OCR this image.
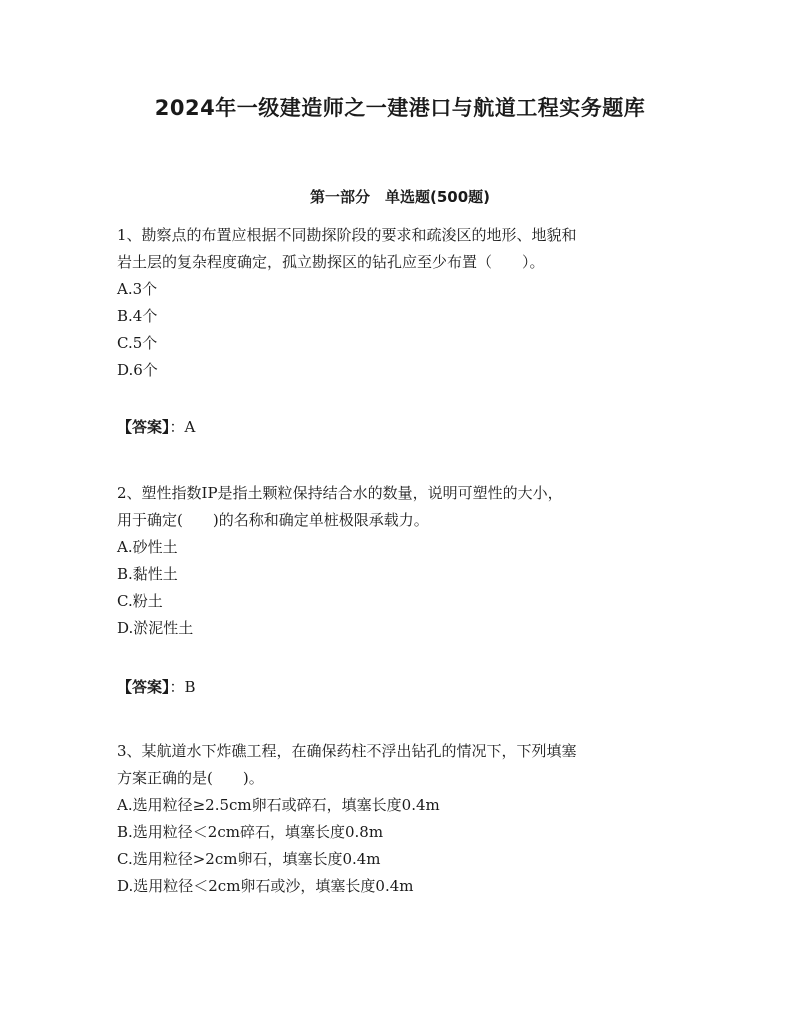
2024年一级建造师之一建港口与航道工程实务题库
第一部分　单选题(500题)
1、勘察点的布置应根据不同勘探阶段的要求和疏浚区的地形、地貌和
岩土层的复杂程度确定，孤立勘探区的钻孔应至少布置（　　）。
A.3个
B.4个
C.5个
D.6个
【答案】：A
2、塑性指数IP是指土颗粒保持结合水的数量，说明可塑性的大小，
用于确定(　　)的名称和确定单桩极限承载力。
A.砂性土
B.黏性土
C.粉土
D.淤泥性土
【答案】：B
3、某航道水下炸礁工程，在确保药柱不浮出钻孔的情况下，下列填塞
方案正确的是(　　)。
A.选用粒径≥2.5cm卵石或碎石，填塞长度0.4m
B.选用粒径＜2cm碎石，填塞长度0.8m
C.选用粒径>2cm卵石，填塞长度0.4m
D.选用粒径＜2cm卵石或沙，填塞长度0.4m
